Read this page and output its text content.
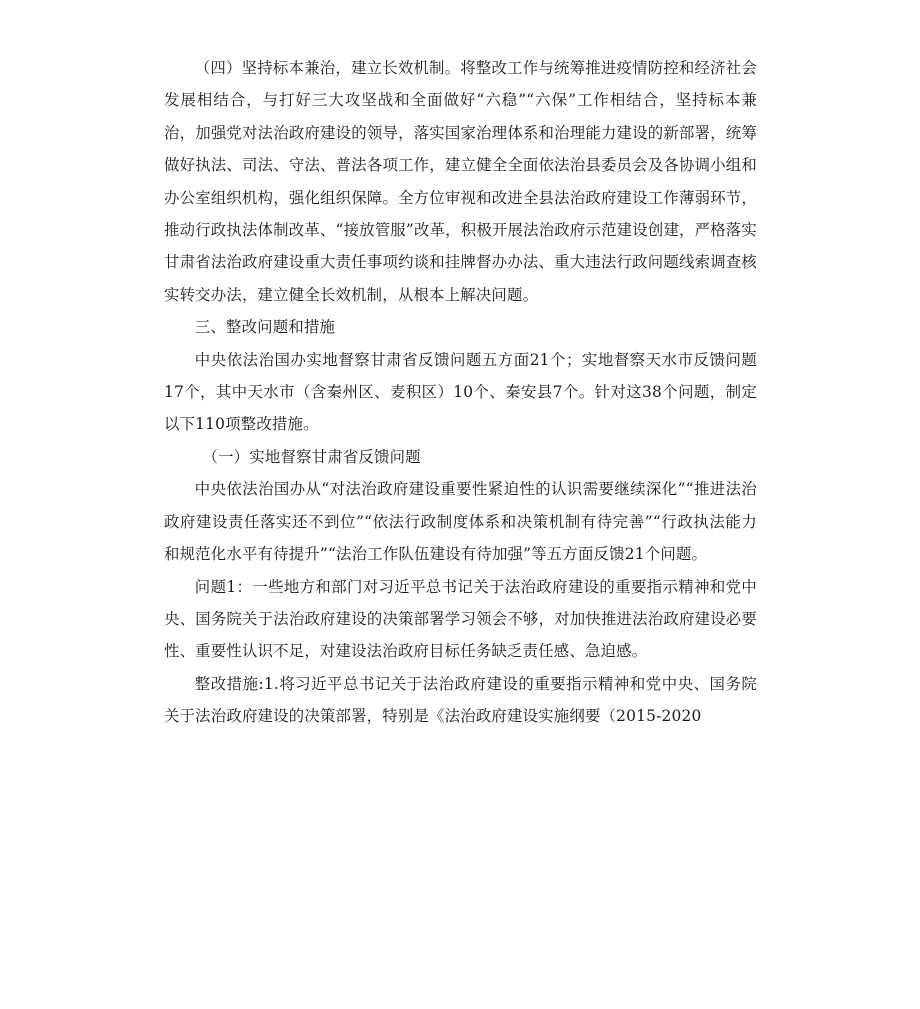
（四）坚持标本兼治，建立长效机制。将整改工作与统筹推进疫情防控和经济社会发展相结合，与打好三大攻坚战和全面做好“六稳”“六保”工作相结合，坚持标本兼治，加强党对法治政府建设的领导，落实国家治理体系和治理能力建设的新部署，统筹做好执法、司法、守法、普法各项工作，建立健全全面依法治县委员会及各协调小组和办公室组织机构，强化组织保障。全方位审视和改进全县法治政府建设工作薄弱环节，推动行政执法体制改革、“接放管服”改革，积极开展法治政府示范建设创建，严格落实甘肃省法治政府建设重大责任事项约谈和挂牌督办办法、重大违法行政问题线索调查核实转交办法，建立健全长效机制，从根本上解决问题。

三、整改问题和措施

中央依法治国办实地督察甘肃省反馈问题五方面21个；实地督察天水市反馈问题17个，其中天水市（含秦州区、麦积区）10个、秦安县7个。针对这38个问题，制定以下110项整改措施。

（一）实地督察甘肃省反馈问题

中央依法治国办从“对法治政府建设重要性紧迫性的认识需要继续深化”“推进法治政府建设责任落实还不到位”“依法行政制度体系和决策机制有待完善”“行政执法能力和规范化水平有待提升”“法治工作队伍建设有待加强”等五方面反馈21个问题。

问题1：一些地方和部门对习近平总书记关于法治政府建设的重要指示精神和党中央、国务院关于法治政府建设的决策部署学习领会不够，对加快推进法治政府建设必要性、重要性认识不足，对建设法治政府目标任务缺乏责任感、急迫感。

整改措施:1.将习近平总书记关于法治政府建设的重要指示精神和党中央、国务院关于法治政府建设的决策部署，特别是《法治政府建设实施纲要（2015-2020
